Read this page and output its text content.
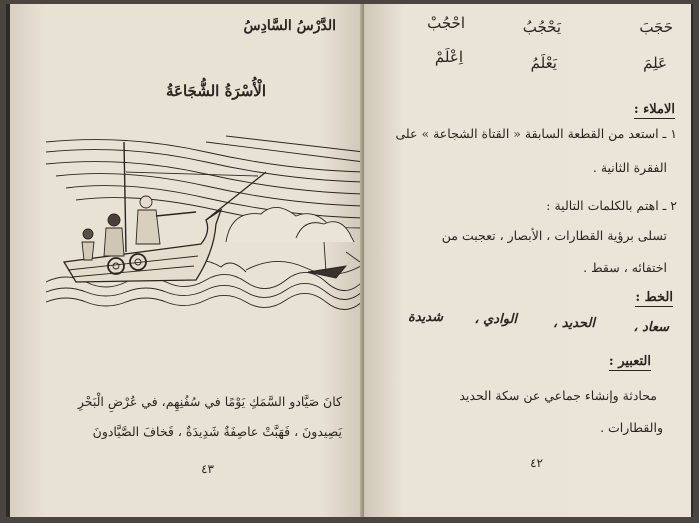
الدَّرْسُ السَّادِسُ
الْأُسْرَةُ الشُّجَاعَةُ
كانَ صَيَّادو السَّمَكِ يَوْمًا في سُفُنِهِم، في عُرْضِ الْبَحْرِ
يَصِيدونَ ، فَهَبَّتْ عاصِفَةٌ شَدِيدَةٌ ، فَخافَ الصَّيَّادونَ
٤٣
حَجَبَ
يَحْجُبُ
احْجُبْ
عَلِمَ
يَعْلَمُ
اِعْلَمْ
الاملاء :
١ ـ استعد من القطعة السابقة « القتاة الشجاعة » على
الفقرة الثانية .
٢ ـ اهتم بالكلمات التالية :
تسلى برؤية القطارات ، الأبصار ، تعجبت من
اختفائه ، سقط .
الخط :
سعاد ،
الحديد ،
الوادي ،
شديدة
التعبير :
محادثة وإنشاء جماعي عن سكة الحديد
والقطارات .
٤٢
